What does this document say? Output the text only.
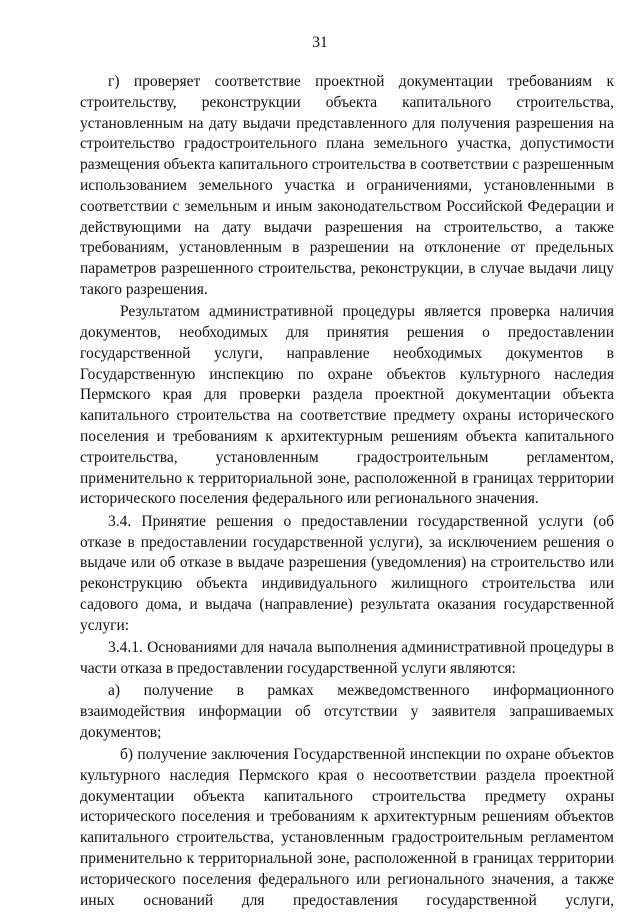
31

г) проверяет соответствие проектной документации требованиям к строительству, реконструкции объекта капитального строительства, установленным на дату выдачи представленного для получения разрешения на строительство градостроительного плана земельного участка, допустимости размещения объекта капитального строительства в соответствии с разрешенным использованием земельного участка и ограничениями, установленными в соответствии с земельным и иным законодательством Российской Федерации и действующими на дату выдачи разрешения на строительство, а также требованиям, установленным в разрешении на отклонение от предельных параметров разрешенного строительства, реконструкции, в случае выдачи лицу такого разрешения.

Результатом административной процедуры является проверка наличия документов, необходимых для принятия решения о предоставлении государственной услуги, направление необходимых документов в Государственную инспекцию по охране объектов культурного наследия Пермского края для проверки раздела проектной документации объекта капитального строительства на соответствие предмету охраны исторического поселения и требованиям к архитектурным решениям объекта капитального строительства, установленным градостроительным регламентом, применительно к территориальной зоне, расположенной в границах территории исторического поселения федерального или регионального значения.

3.4. Принятие решения о предоставлении государственной услуги (об отказе в предоставлении государственной услуги), за исключением решения о выдаче или об отказе в выдаче разрешения (уведомления) на строительство или реконструкцию объекта индивидуального жилищного строительства или садового дома, и выдача (направление) результата оказания государственной услуги:

3.4.1. Основаниями для начала выполнения административной процедуры в части отказа в предоставлении государственной услуги являются:

а) получение в рамках межведомственного информационного взаимодействия информации об отсутствии у заявителя запрашиваемых документов;

б) получение заключения Государственной инспекции по охране объектов культурного наследия Пермского края о несоответствии раздела проектной документации объекта капитального строительства предмету охраны исторического поселения и требованиям к архитектурным решениям объектов капитального строительства, установленным градостроительным регламентом применительно к территориальной зоне, расположенной в границах территории исторического поселения федерального или регионального значения, а также иных оснований для предоставления государственной услуги,
